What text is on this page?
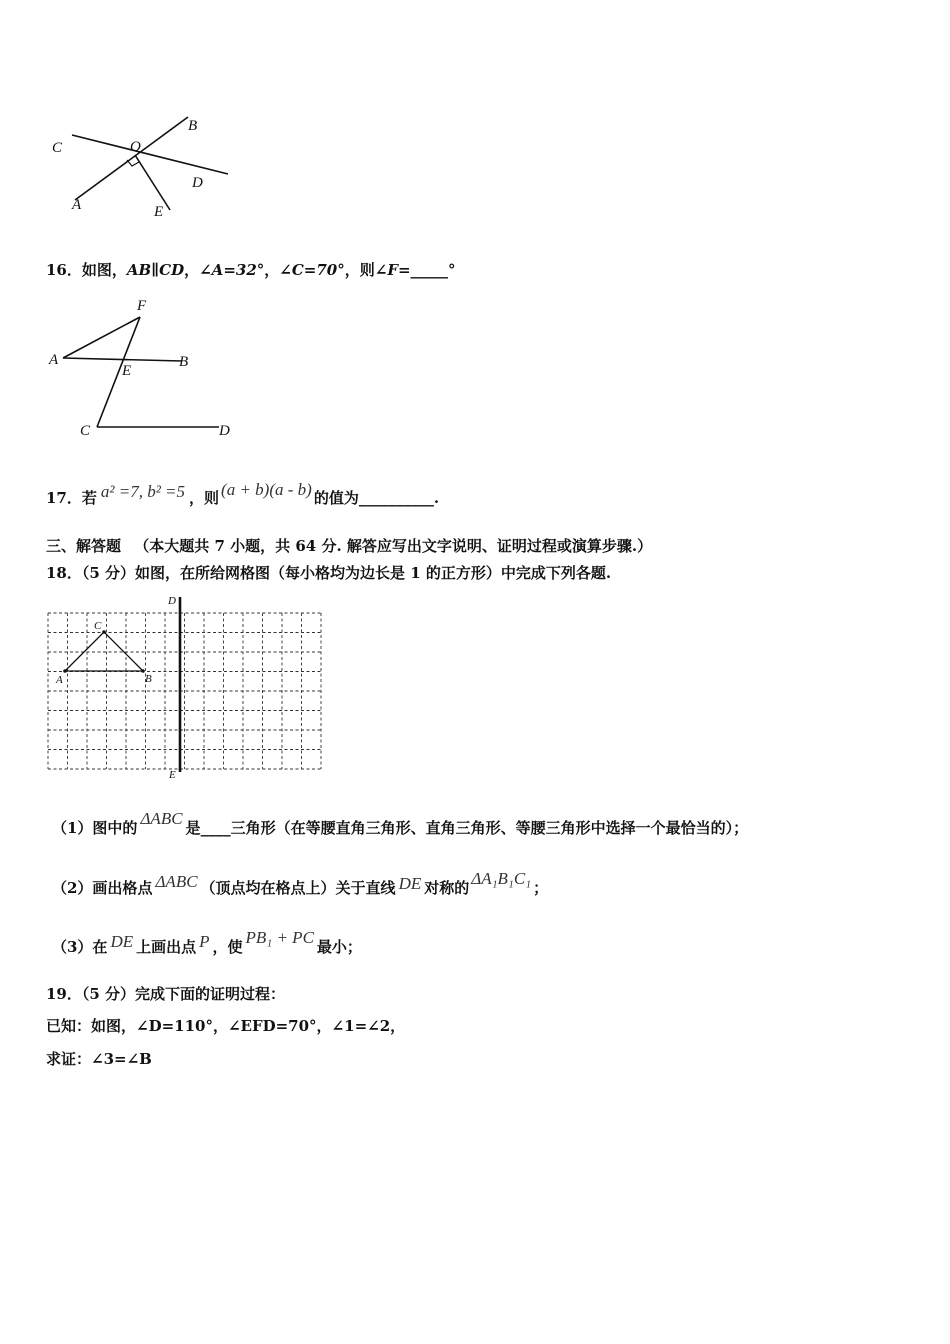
C	O
B
D
A	E
16．如图，AB∥CD，∠A=32°，∠C=70°，则∠F=_____°
F
A	B
E
C	D
17．若 a² =7, b² =5 ，则 (a + b)(a - b) 的值为__________.
三、解答题 （本大题共 7 小题，共 64 分. 解答应写出文字说明、证明过程或演算步骤.）
18．（5 分）如图，在所给网格图（每小格均为边长是 1 的正方形）中完成下列各题.
D
C
A	B
E
（1）图中的 ΔABC 是____三角形（在等腰直角三角形、直角三角形、等腰三角形中选择一个最恰当的）；
（2）画出格点 ΔABC （顶点均在格点上）关于直线 DE 对称的 ΔA₁B₁C₁ ；
（3）在 DE 上画出点 P ，使 PB₁ + PC 最小；
19．（5 分）完成下面的证明过程：
已知：如图，∠D=110°，∠EFD=70°，∠1=∠2，
求证：∠3=∠B
